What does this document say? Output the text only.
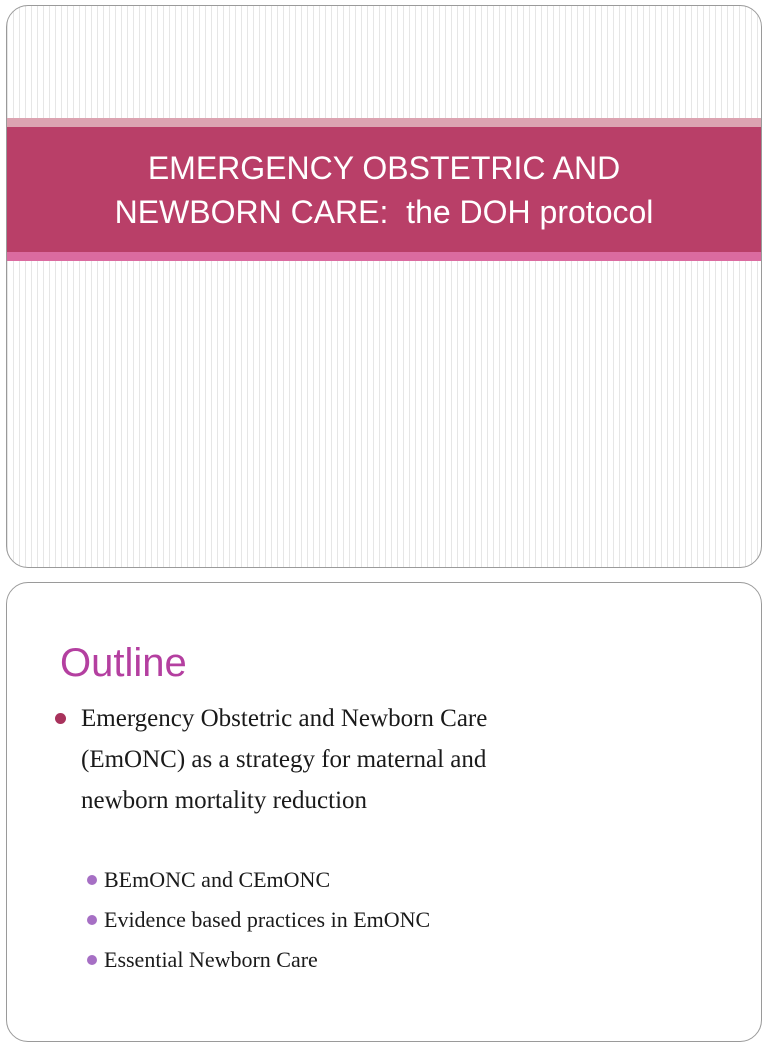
EMERGENCY OBSTETRIC AND
NEWBORN CARE:  the DOH protocol
Outline
Emergency Obstetric and Newborn Care
(EmONC) as a strategy for maternal and
newborn mortality reduction
BEmONC and CEmONC
Evidence based practices in EmONC
Essential Newborn Care
